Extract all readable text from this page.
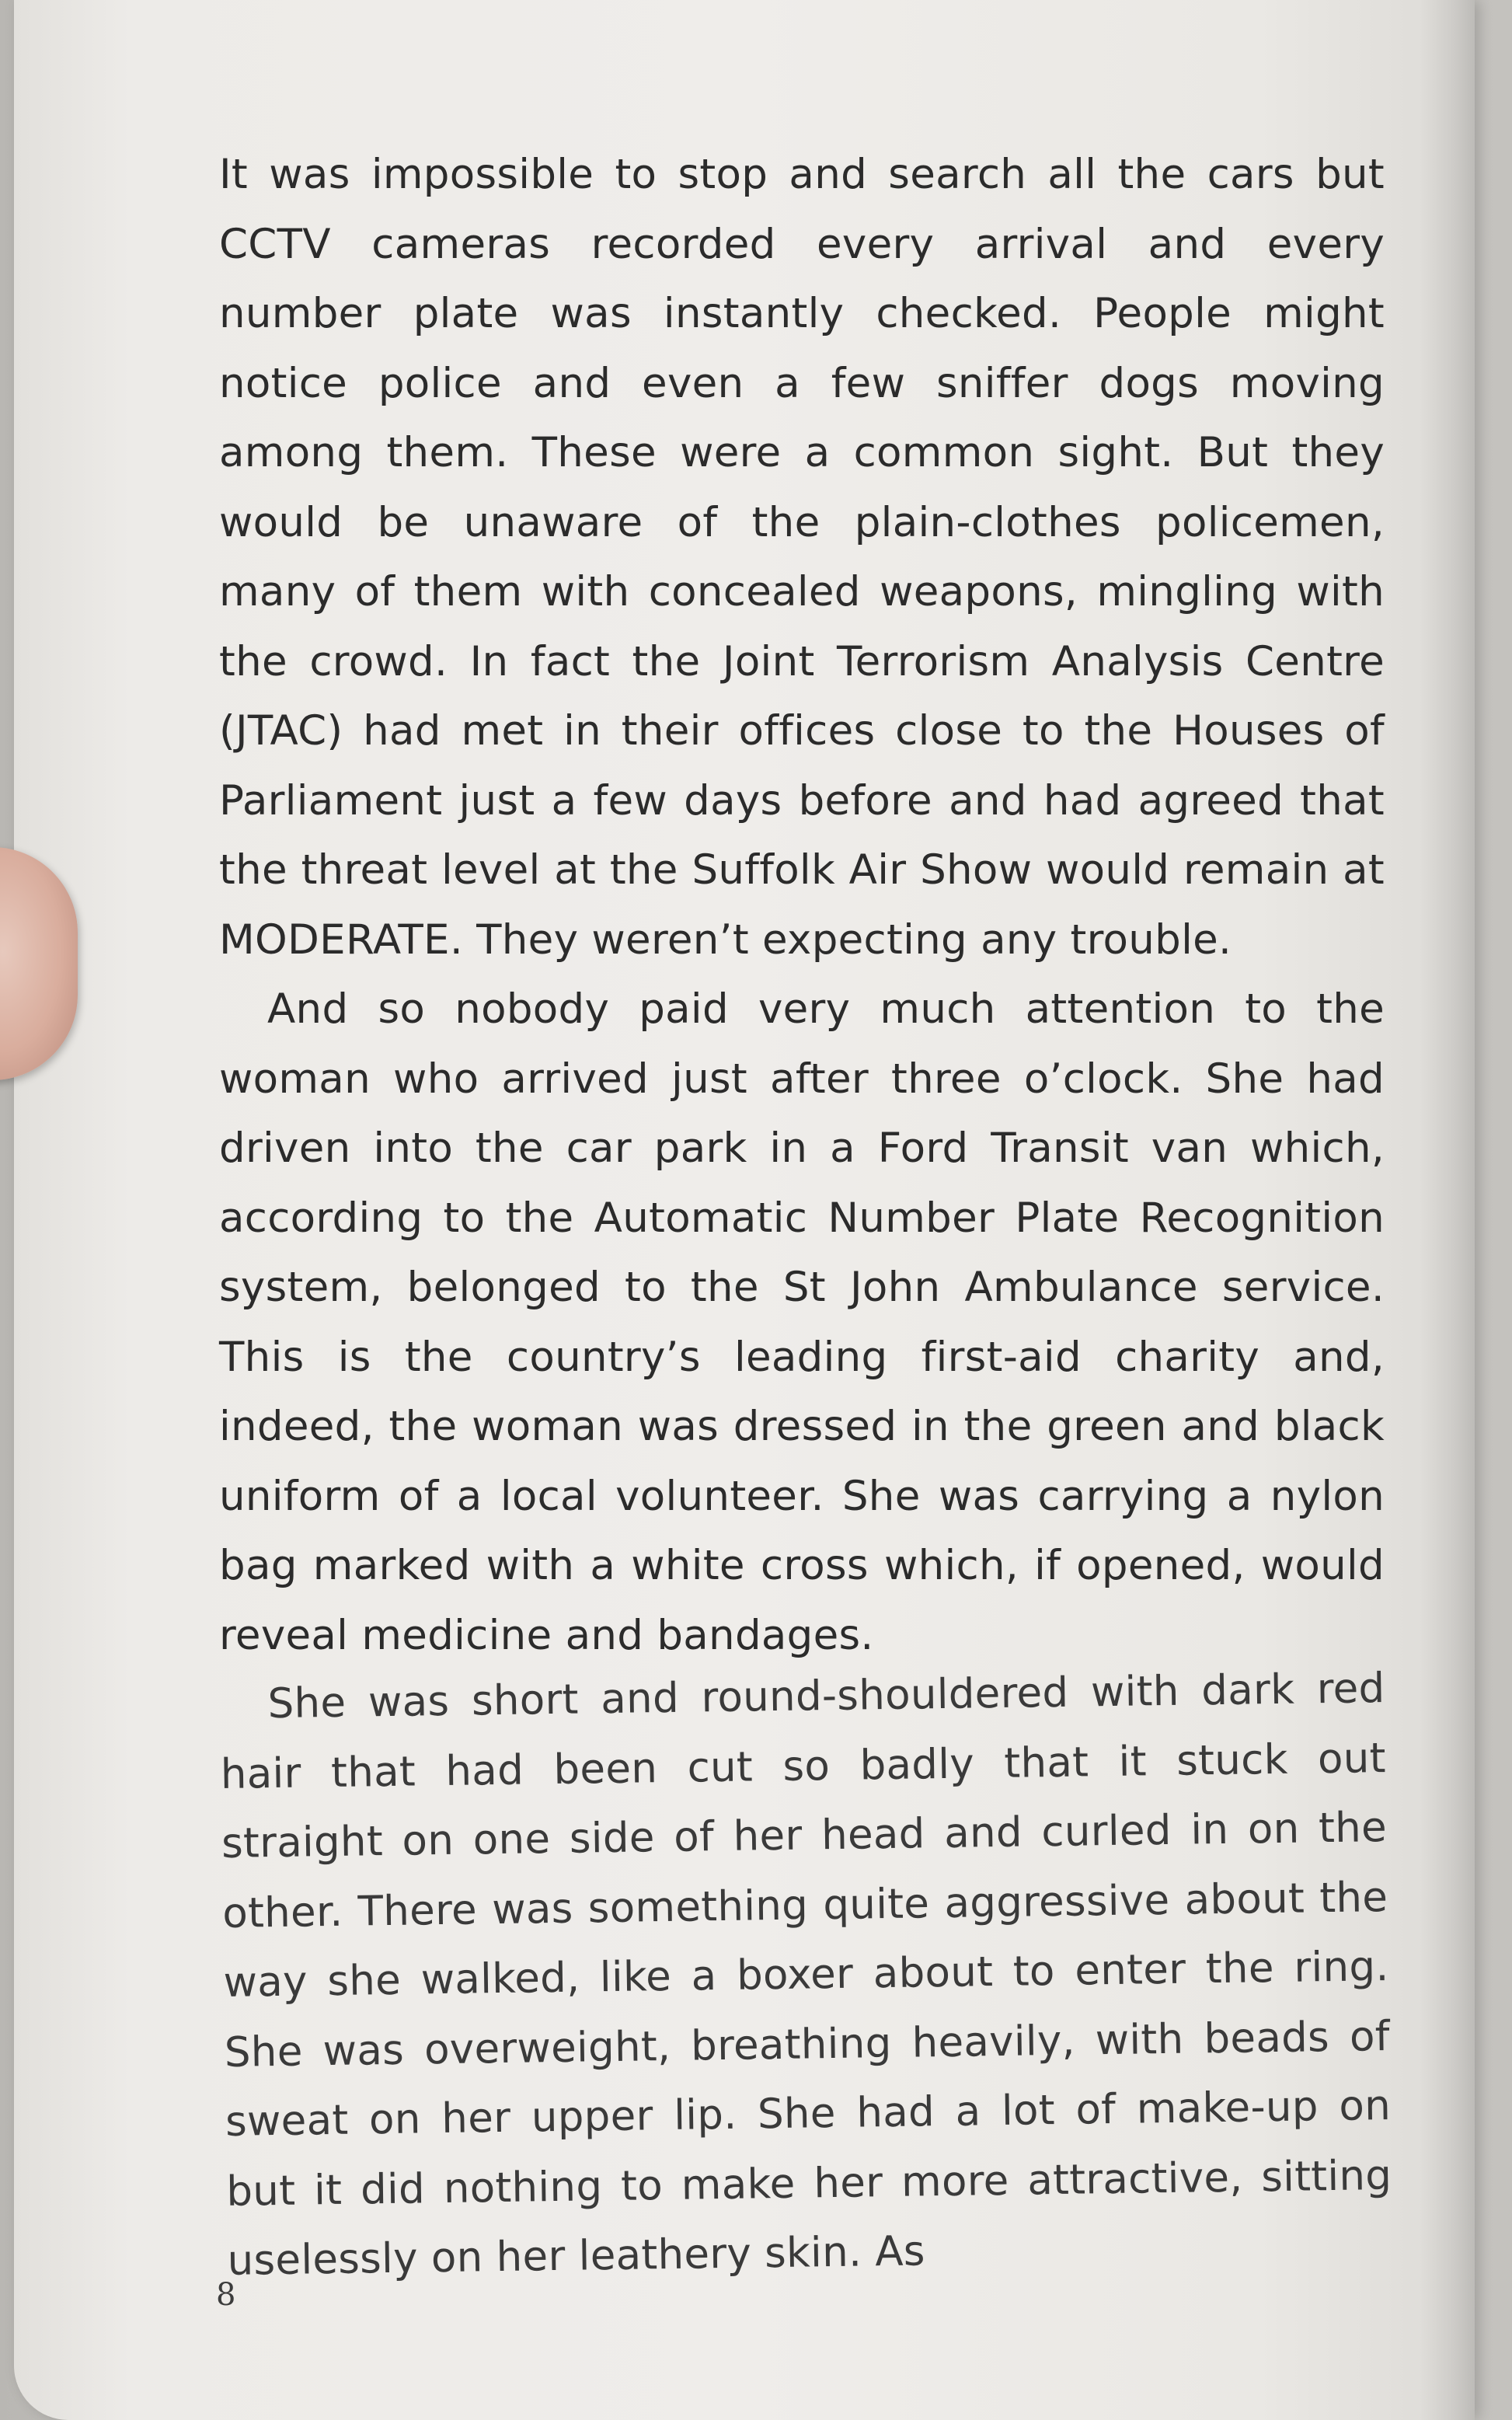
It was impossible to stop and search all the cars but CCTV cameras recorded every arrival and every number plate was instantly checked. People might notice police and even a few sniffer dogs moving among them. These were a common sight. But they would be unaware of the plain-clothes policemen, many of them with concealed weapons, mingling with the crowd. In fact the Joint Terrorism Analysis Centre (JTAC) had met in their offices close to the Houses of Parliament just a few days before and had agreed that the threat level at the Suffolk Air Show would remain at MODERATE. They weren’t expecting any trouble.

And so nobody paid very much attention to the woman who arrived just after three o’clock. She had driven into the car park in a Ford Transit van which, according to the Automatic Number Plate Recognition system, belonged to the St John Ambulance service. This is the country’s leading first-aid charity and, indeed, the woman was dressed in the green and black uniform of a local volunteer. She was carrying a nylon bag marked with a white cross which, if opened, would reveal medicine and bandages.

She was short and round-shouldered with dark red hair that had been cut so badly that it stuck out straight on one side of her head and curled in on the other. There was something quite aggressive about the way she walked, like a boxer about to enter the ring. She was overweight, breathing heavily, with beads of sweat on her upper lip. She had a lot of make-up on but it did nothing to make her more attractive, sitting uselessly on her leathery skin. As

8
